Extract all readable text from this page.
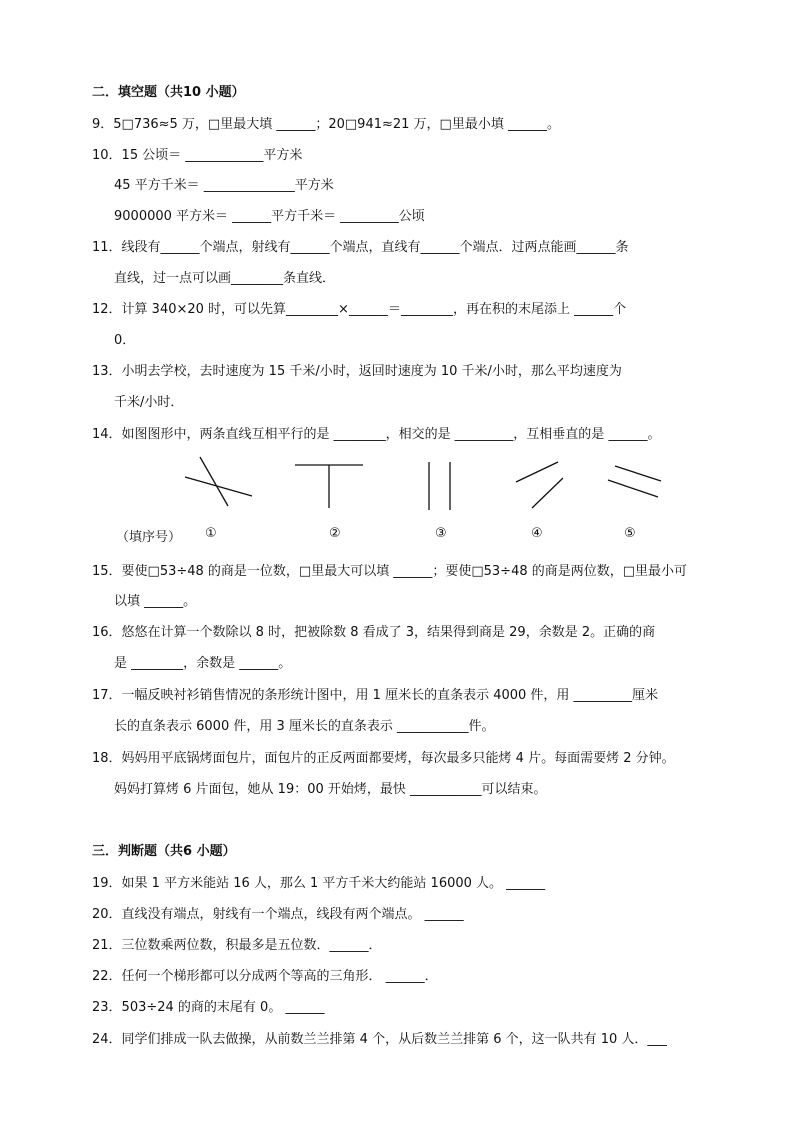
二．填空题（共10 小题）
9．5□736≈5 万，□里最大填 ______；20□941≈21 万，□里最小填 ______。
10．15 公顷＝ ____________平方米
45 平方千米＝ ______________平方米
9000000 平方米＝ ______平方千米＝ _________公顷
11．线段有______个端点，射线有______个端点，直线有______个端点．过两点能画______条
直线，过一点可以画________条直线．
12．计算 340×20 时，可以先算________×______＝________，再在积的末尾添上 ______个
0．
13．小明去学校，去时速度为 15 千米/小时，返回时速度为 10 千米/小时，那么平均速度为
千米/小时．
14．如图图形中，两条直线互相平行的是 ________，相交的是 _________，互相垂直的是 ______。
（填序号） ①	②	③	④	⑤
15．要使□53÷48 的商是一位数，□里最大可以填 ______；要使□53÷48 的商是两位数，□里最小可
以填 ______。
16．悠悠在计算一个数除以 8 时，把被除数 8 看成了 3，结果得到商是 29，余数是 2。正确的商
是 ________，余数是 ______。
17．一幅反映衬衫销售情况的条形统计图中，用 1 厘米长的直条表示 4000 件，用 _________厘米
长的直条表示 6000 件，用 3 厘米长的直条表示 ___________件。
18．妈妈用平底锅烤面包片，面包片的正反两面都要烤，每次最多只能烤 4 片。每面需要烤 2 分钟。
妈妈打算烤 6 片面包，她从 19：00 开始烤，最快 ___________可以结束。
三．判断题（共6 小题）
19．如果 1 平方米能站 16 人，那么 1 平方千米大约能站 16000 人。 ______
20．直线没有端点，射线有一个端点，线段有两个端点。 ______
21．三位数乘两位数，积最多是五位数．______．
22．任何一个梯形都可以分成两个等高的三角形． ______．
23．503÷24 的商的末尾有 0。 ______
24．同学们排成一队去做操，从前数兰兰排第 4 个，从后数兰兰排第 6 个，这一队共有 10 人．___
